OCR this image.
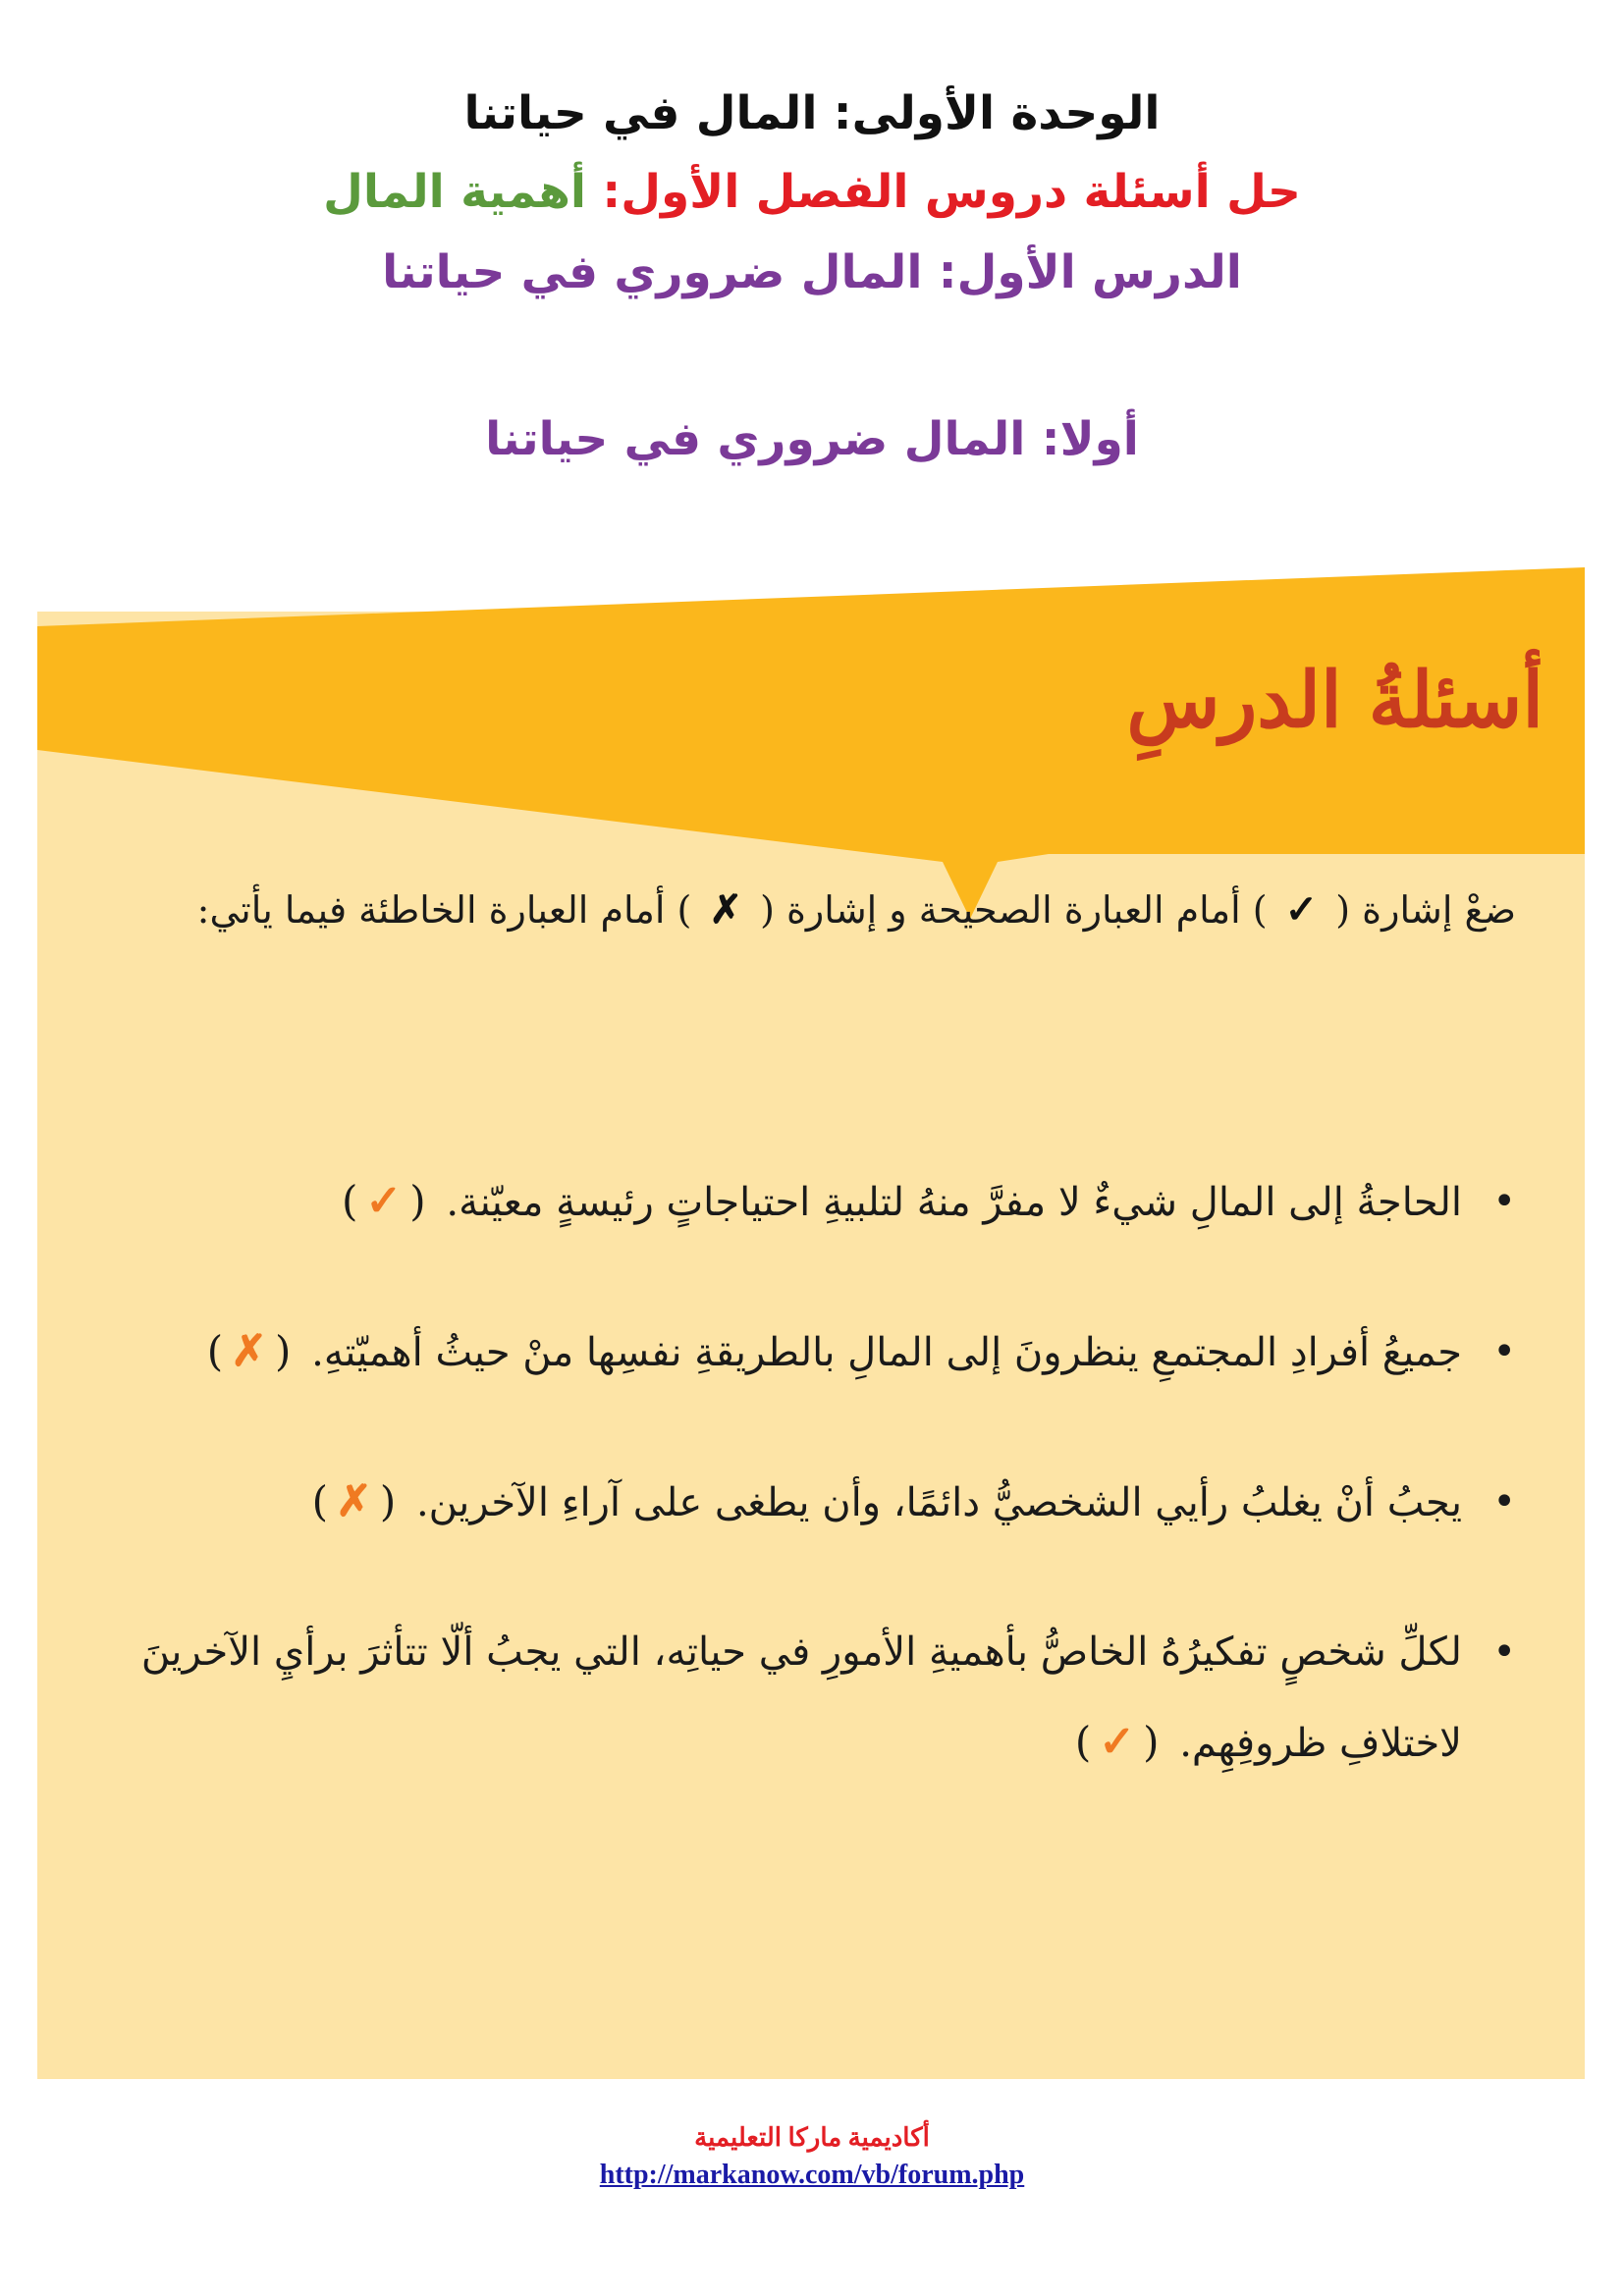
الوحدة الأولى: المال في حياتنا
حل أسئلة دروس الفصل الأول: أهمية المال
الدرس الأول: المال ضروري في حياتنا
أولا: المال ضروري في حياتنا
أسئلةُ الدرسِ
ضعْ إشارة ( ✓ ) أمام العبارة الصحيحة و إشارة ( ✗ ) أمام العبارة الخاطئة فيما يأتي:
•
الحاجةُ إلى المالِ شيءٌ لا مفرَّ منهُ لتلبيةِ احتياجاتٍ رئيسةٍ معيّنة. (✓)
•
جميعُ أفرادِ المجتمعِ ينظرونَ إلى المالِ بالطريقةِ نفسِها منْ حيثُ أهميّتهِ. (✗)
•
يجبُ أنْ يغلبُ رأيي الشخصيُّ دائمًا، وأن يطغى على آراءِ الآخرين. (✗)
•
لكلِّ شخصٍ تفكيرُهُ الخاصُّ بأهميةِ الأمورِ في حياتِه، التي يجبُ ألّا تتأثرَ برأيِ الآخرينَ لاختلافِ ظروفِهِم. (✓)
أكاديمية ماركا التعليمية
http://markanow.com/vb/forum.php
